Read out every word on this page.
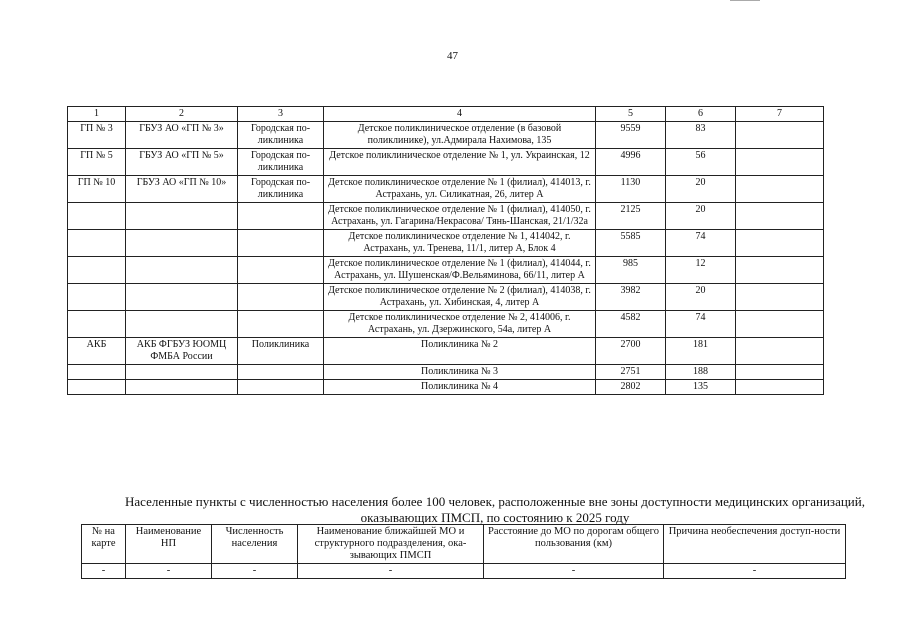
47
1	2	3	4	5	6	7
ГП № 3	ГБУЗ АО «ГП № 3»	Городская по-ликлиника	Детское поликлиническое отделение (в базовой поликлинике), ул.Адмирала Нахимова, 135	9559	83	
ГП № 5	ГБУЗ АО «ГП № 5»	Городская по-ликлиника	Детское поликлиническое отделение № 1, ул. Украинская, 12	4996	56	
ГП № 10	ГБУЗ АО «ГП № 10»	Городская по-ликлиника	Детское поликлиническое отделение № 1 (филиал), 414013, г. Астрахань, ул. Силикатная, 26, литер А	1130	20	
			Детское поликлиническое отделение № 1 (филиал), 414050, г. Астрахань, ул. Гагарина/Некрасова/ Тянь-Шанская, 21/1/32а	2125	20	
			Детское поликлиническое отделение № 1, 414042, г. Астрахань, ул. Тренева, 11/1, литер А, Блок 4	5585	74	
			Детское поликлиническое отделение № 1 (филиал), 414044, г. Астрахань, ул. Шушенская/Ф.Вельяминова, 66/11, литер А	985	12	
			Детское поликлиническое отделение № 2 (филиал), 414038, г. Астрахань, ул. Хибинская, 4, литер А	3982	20	
			Детское поликлиническое отделение № 2, 414006, г. Астрахань, ул. Дзержинского, 54а, литер А	4582	74	
АКБ	АКБ ФГБУЗ ЮОМЦ ФМБА России	Поликлиника	Поликлиника № 2	2700	181	
			Поликлиника № 3	2751	188	
			Поликлиника № 4	2802	135	
Населенные пункты с численностью населения более 100 человек, расположенные вне зоны доступности медицинских организаций, оказывающих ПМСП, по состоянию к 2025 году
№ на карте	Наименование НП	Численность населения	Наименование ближайшей МО и структурного подразделения, ока-зывающих ПМСП	Расстояние до МО по дорогам общего пользования (км)	Причина необеспечения доступ-ности
-	-	-	-	-	-
